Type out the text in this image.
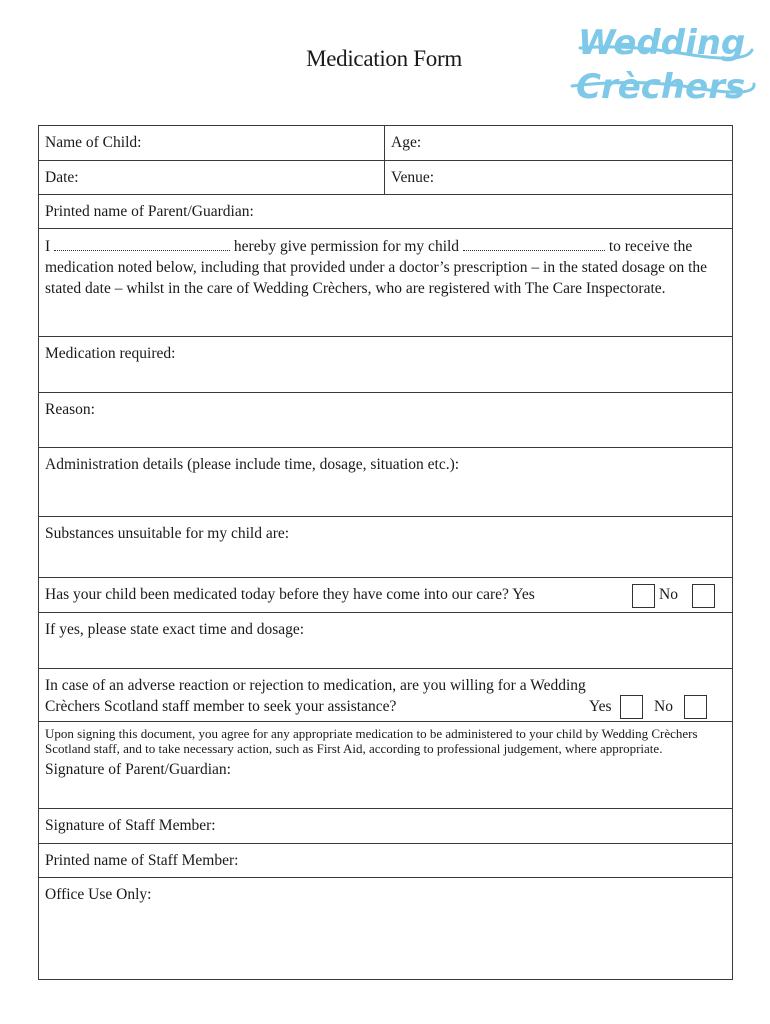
Medication Form	Wedding
Crèchers
Name of Child:	Age:

Date:	Venue:

Printed name of Parent/Guardian:	

I hereby give permission for my child to receive the medication noted below, including that provided under a doctor’s prescription – in the stated dosage on the stated date – whilst in the care of Wedding Crèchers, who are registered with The Care Inspectorate.	

Medication required:	

Reason:	

Administration details (please include time, dosage, situation etc.):	

Substances unsuitable for my child are:	

Has your child been medicated today before they have come into our care? Yes No	

If yes, please state exact time and dosage:	

In case of an adverse reaction or rejection to medication, are you willing for a Wedding Crèchers Scotland staff member to seek your assistance? Yes No	

Upon signing this document, you agree for any appropriate medication to be administered to your child by Wedding Crèchers Scotland staff, and to take necessary action, such as First Aid, according to professional judgement, where appropriate.
Signature of Parent/Guardian:	

Signature of Staff Member:	

Printed name of Staff Member:	

Office Use Only:	
